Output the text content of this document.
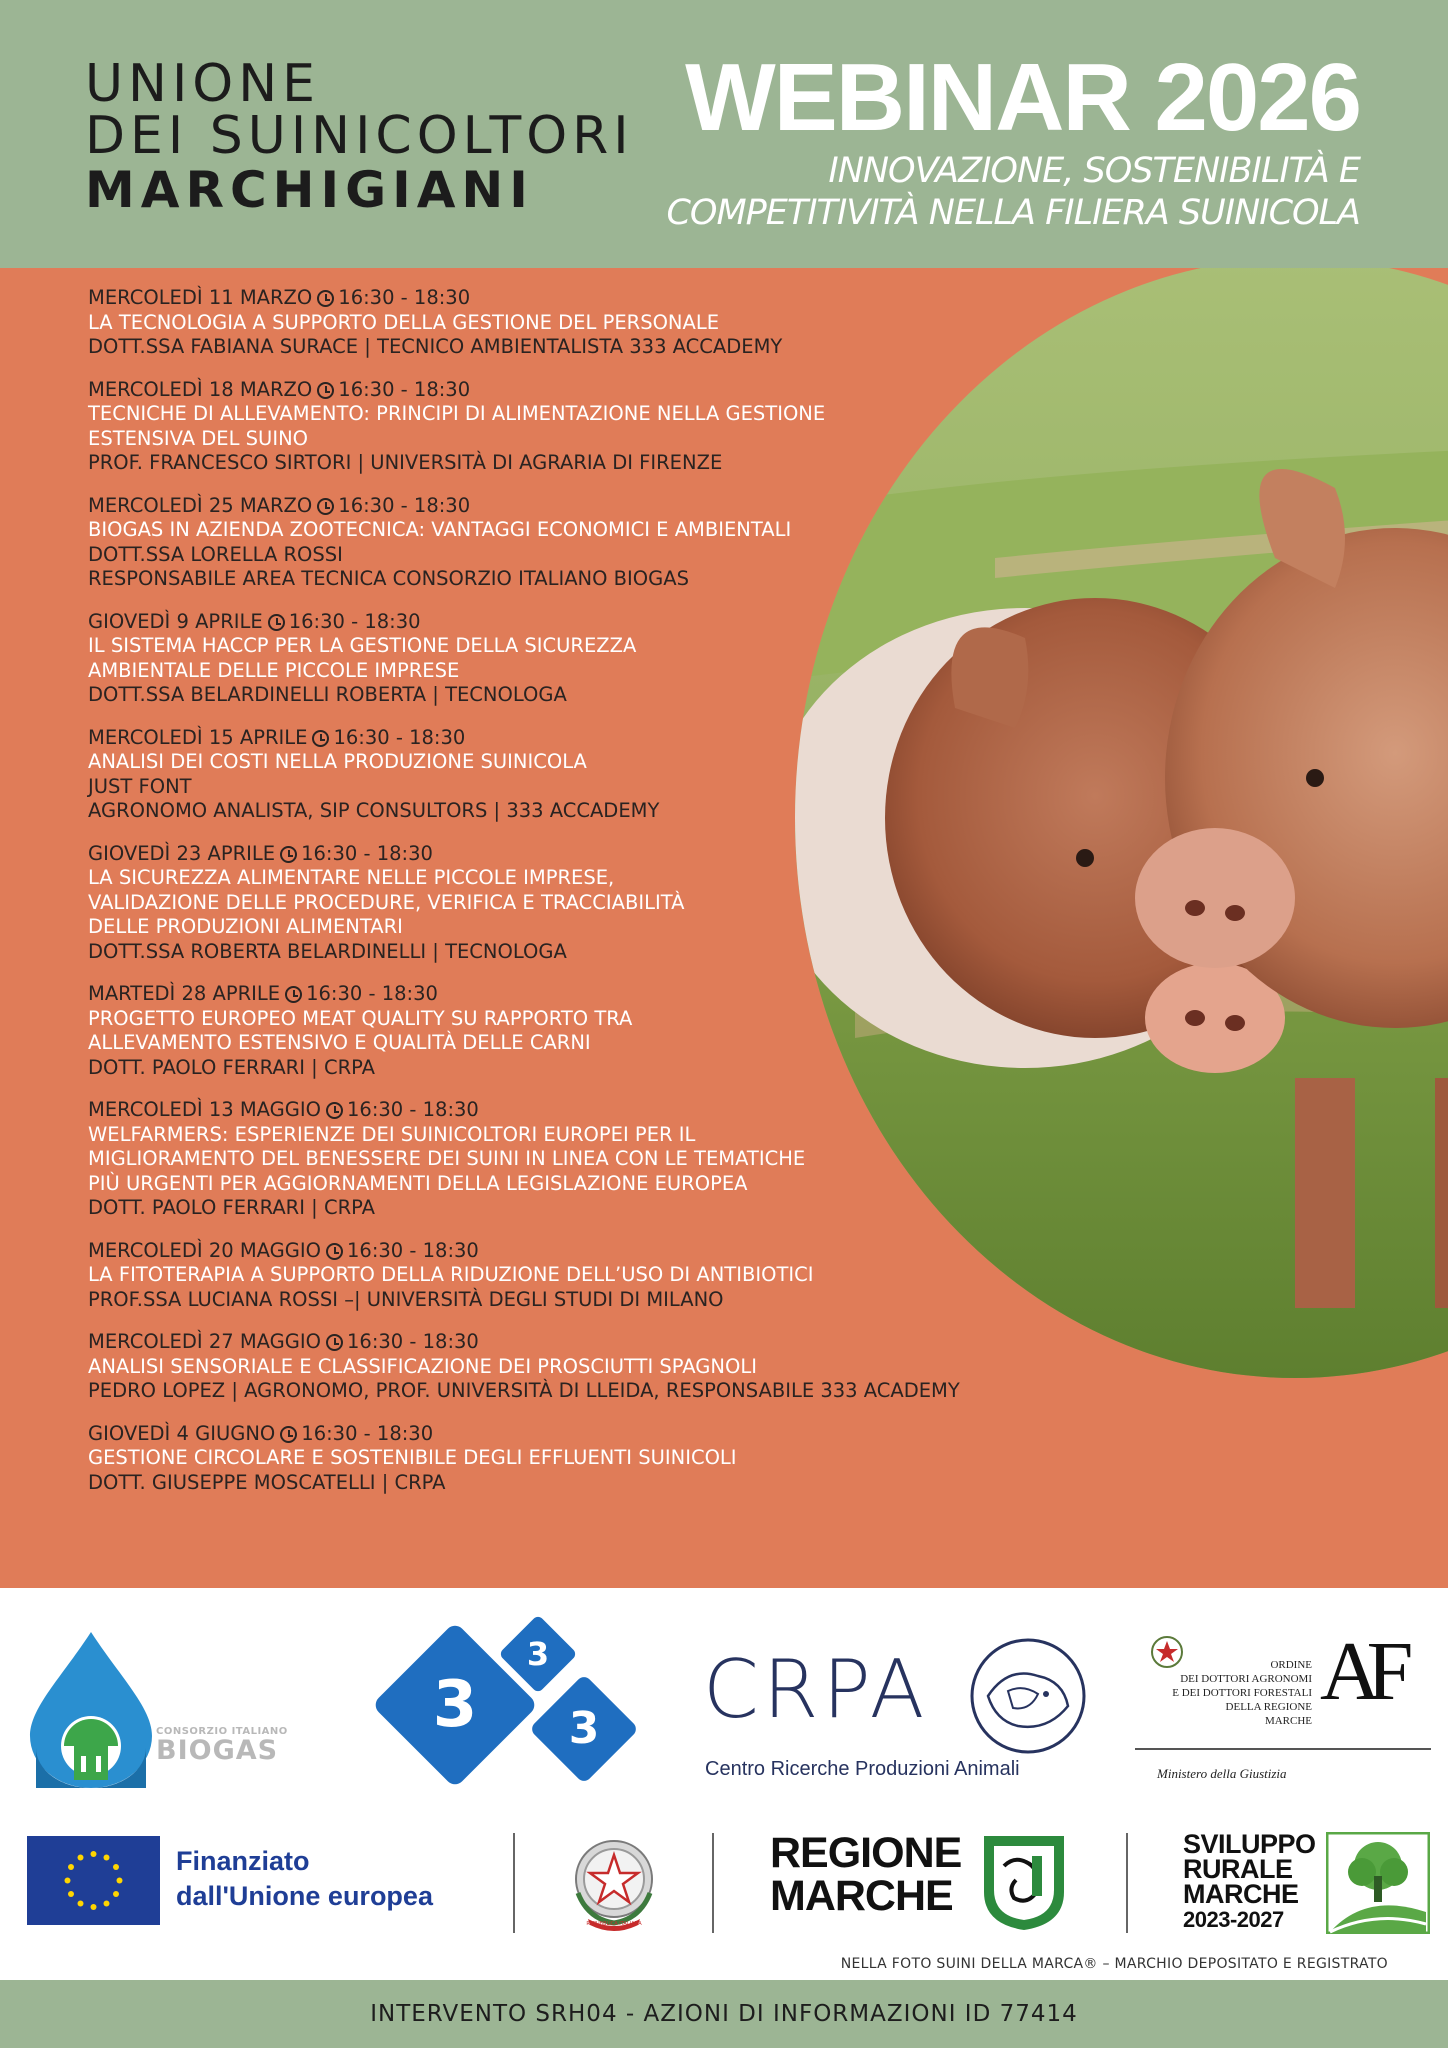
UNIONE
DEI SUINICOLTORI
MARCHIGIANI
WEBINAR 2026
INNOVAZIONE, SOSTENIBILITÀ E
COMPETITIVITÀ NELLA FILIERA SUINICOLA
MERCOLEDÌ 11 MARZO 16:30 - 18:30
LA TECNOLOGIA A SUPPORTO DELLA GESTIONE DEL PERSONALE
DOTT.SSA FABIANA SURACE | TECNICO AMBIENTALISTA 333 ACCADEMY
MERCOLEDÌ 18 MARZO 16:30 - 18:30
TECNICHE DI ALLEVAMENTO: PRINCIPI DI ALIMENTAZIONE NELLA GESTIONE
ESTENSIVA DEL SUINO
PROF. FRANCESCO SIRTORI | UNIVERSITÀ DI AGRARIA DI FIRENZE
MERCOLEDÌ 25 MARZO 16:30 - 18:30
BIOGAS IN AZIENDA ZOOTECNICA: VANTAGGI ECONOMICI E AMBIENTALI
DOTT.SSA LORELLA ROSSI
RESPONSABILE AREA TECNICA CONSORZIO ITALIANO BIOGAS
GIOVEDÌ 9 APRILE 16:30 - 18:30
IL SISTEMA HACCP PER LA GESTIONE DELLA SICUREZZA
AMBIENTALE DELLE PICCOLE IMPRESE
DOTT.SSA BELARDINELLI ROBERTA | TECNOLOGA
MERCOLEDÌ 15 APRILE 16:30 - 18:30
ANALISI DEI COSTI NELLA PRODUZIONE SUINICOLA
JUST FONT
AGRONOMO ANALISTA, SIP CONSULTORS | 333 ACCADEMY
GIOVEDÌ 23 APRILE 16:30 - 18:30
LA SICUREZZA ALIMENTARE NELLE PICCOLE IMPRESE,
VALIDAZIONE DELLE PROCEDURE, VERIFICA E TRACCIABILITÀ
DELLE PRODUZIONI ALIMENTARI
DOTT.SSA ROBERTA BELARDINELLI | TECNOLOGA
MARTEDÌ 28 APRILE 16:30 - 18:30
PROGETTO EUROPEO MEAT QUALITY SU RAPPORTO TRA
ALLEVAMENTO ESTENSIVO E QUALITÀ DELLE CARNI
DOTT. PAOLO FERRARI | CRPA
MERCOLEDÌ 13 MAGGIO 16:30 - 18:30
WELFARMERS: ESPERIENZE DEI SUINICOLTORI EUROPEI PER IL
MIGLIORAMENTO DEL BENESSERE DEI SUINI IN LINEA CON LE TEMATICHE
PIÙ URGENTI PER AGGIORNAMENTI DELLA LEGISLAZIONE EUROPEA
DOTT. PAOLO FERRARI | CRPA
MERCOLEDÌ 20 MAGGIO 16:30 - 18:30
LA FITOTERAPIA A SUPPORTO DELLA RIDUZIONE DELL’USO DI ANTIBIOTICI
PROF.SSA LUCIANA ROSSI –| UNIVERSITÀ DEGLI STUDI DI MILANO
MERCOLEDÌ 27 MAGGIO 16:30 - 18:30
ANALISI SENSORIALE E CLASSIFICAZIONE DEI PROSCIUTTI SPAGNOLI
PEDRO LOPEZ | AGRONOMO, PROF. UNIVERSITÀ DI LLEIDA, RESPONSABILE 333 ACADEMY
GIOVEDÌ 4 GIUGNO 16:30 - 18:30
GESTIONE CIRCOLARE E SOSTENIBILE DEGLI EFFLUENTI SUINICOLI
DOTT. GIUSEPPE MOSCATELLI | CRPA
CONSORZIO ITALIANO
BIOGAS
3
3
3 CRPA
Centro Ricerche Produzioni Animali
ORDINE
DEI DOTTORI AGRONOMI
E DEI DOTTORI FORESTALI
DELLA REGIONE
MARCHE
AF
Ministero della Giustizia
Finanziato
dall'Unione europea
REPUBBLICA ITALIANA
REGIONE
MARCHE
SVILUPPO
RURALE
MARCHE
2023-2027
NELLA FOTO SUINI DELLA MARCA® – MARCHIO DEPOSITATO E REGISTRATO
INTERVENTO SRH04 - AZIONI DI INFORMAZIONI ID 77414
